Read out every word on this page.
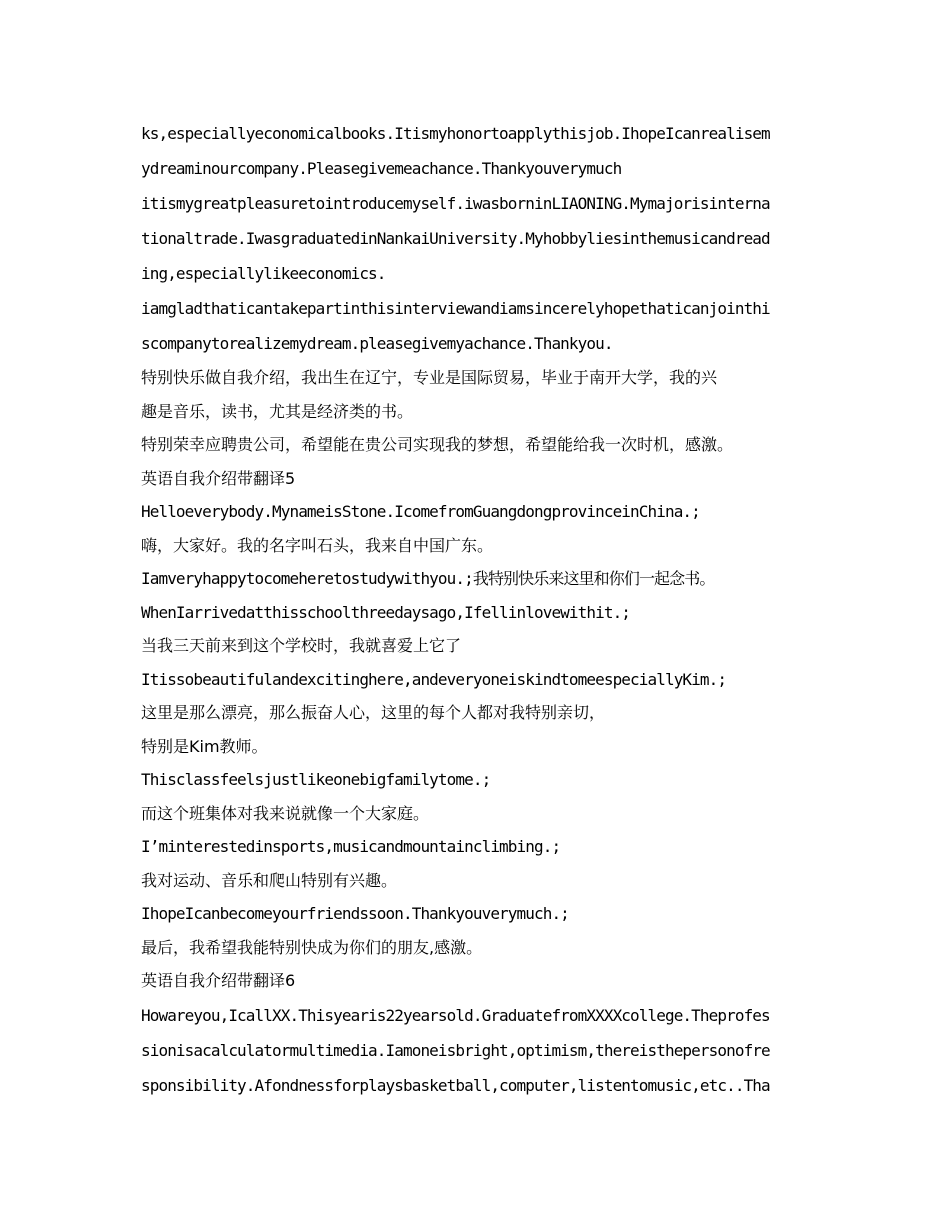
ks,especiallyeconomicalbooks.Itismyhonortoapplythisjob.IhopeIcanrealisem
ydreaminourcompany.Pleasegivemeachance.Thankyouverymuch
itismygreatpleasuretointroducemyself.iwasborninLIAONING.Mymajorisinterna
tionaltrade.IwasgraduatedinNankaiUniversity.Myhobbyliesinthemusicandread
ing,especiallylikeeconomics.
iamgladthaticantakepartinthisinterviewandiamsincerelyhopethaticanjointhi
scompanytorealizemydream.pleasegivemyachance.Thankyou.
特别快乐做自我介绍，我出生在辽宁，专业是国际贸易，毕业于南开大学，我的兴
趣是音乐，读书，尤其是经济类的书。
特别荣幸应聘贵公司，希望能在贵公司实现我的梦想，希望能给我一次时机，感激。
英语自我介绍带翻译5
Helloeverybody.MynameisStone.IcomefromGuangdongprovinceinChina.;
嗨，大家好。我的名字叫石头，我来自中国广东。
Iamveryhappytocomeheretostudywithyou.;我特别快乐来这里和你们一起念书。
WhenIarrivedatthisschoolthreedaysago,Ifellinlovewithit.;
当我三天前来到这个学校时，我就喜爱上它了
Itissobeautifulandexcitinghere,andeveryoneiskindtomeespeciallyKim.;
这里是那么漂亮，那么振奋人心，这里的每个人都对我特别亲切，
特别是Kim教师。
Thisclassfeelsjustlikeonebigfamilytome.;
而这个班集体对我来说就像一个大家庭。
I’minterestedinsports,musicandmountainclimbing.;
我对运动、音乐和爬山特别有兴趣。
IhopeIcanbecomeyourfriendssoon.Thankyouverymuch.;
最后，我希望我能特别快成为你们的朋友,感激。
英语自我介绍带翻译6
Howareyou,IcallXX.Thisyearis22yearsold.GraduatefromXXXXcollege.Theprofes
sionisacalculatormultimedia.Iamoneisbright,optimism,thereisthepersonofre
sponsibility.Afondnessforplaysbasketball,computer,listentomusic,etc..Tha
